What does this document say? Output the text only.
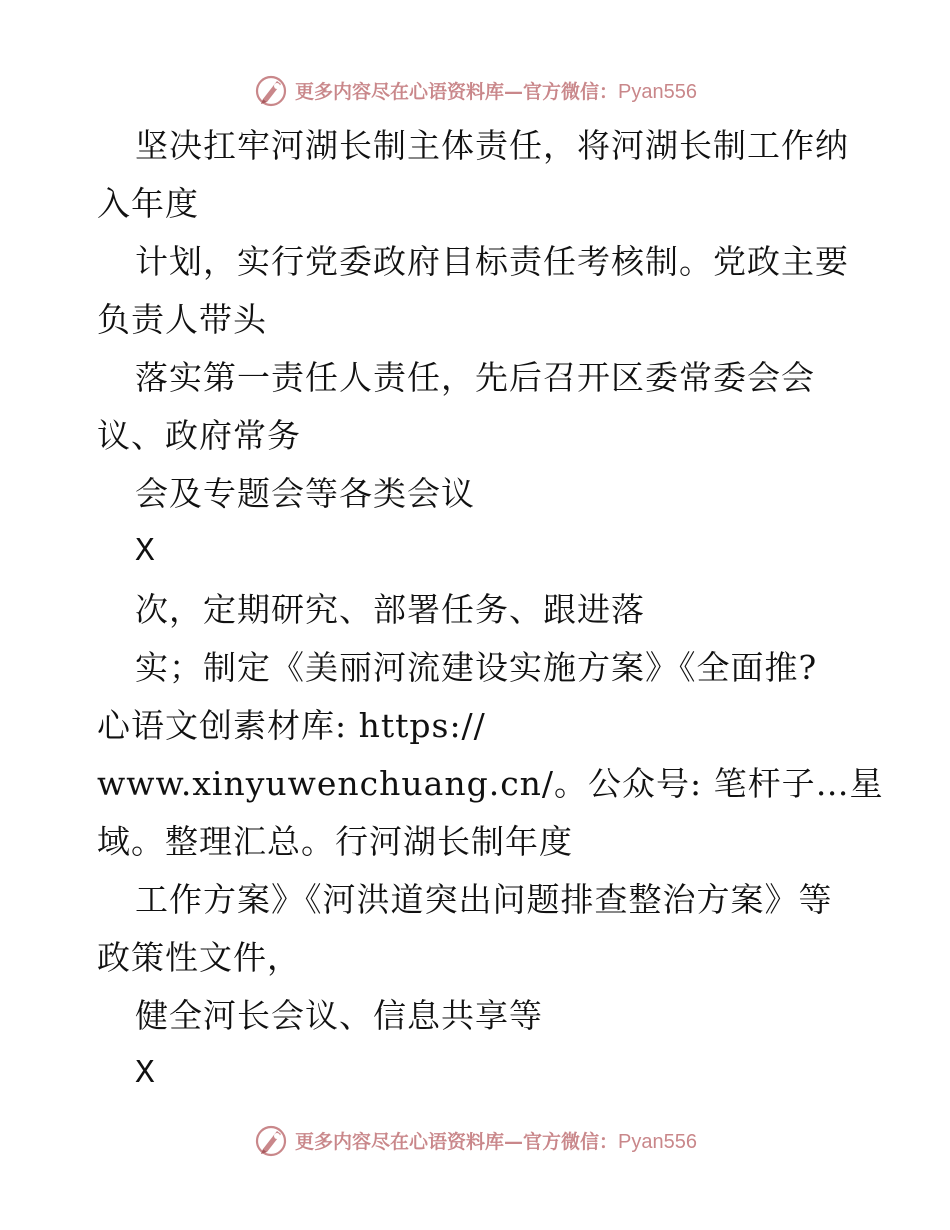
更多内容尽在心语资料库—官方微信：Pyan556
坚决扛牢河湖长制主体责任，将河湖长制工作纳
入年度
计划，实行党委政府目标责任考核制。党政主要
负责人带头
落实第一责任人责任，先后召开区委常委会会
议、政府常务
会及专题会等各类会议
X
次，定期研究、部署任务、跟进落
实；制定《美丽河流建设实施方案》《全面推?
心语文创素材库: https://
www.xinyuwenchuang.cn/。公众号: 笔杆子…星
域。整理汇总。行河湖长制年度
工作方案》《河洪道突出问题排查整治方案》等
政策性文件，
健全河长会议、信息共享等
X
更多内容尽在心语资料库—官方微信：Pyan556
